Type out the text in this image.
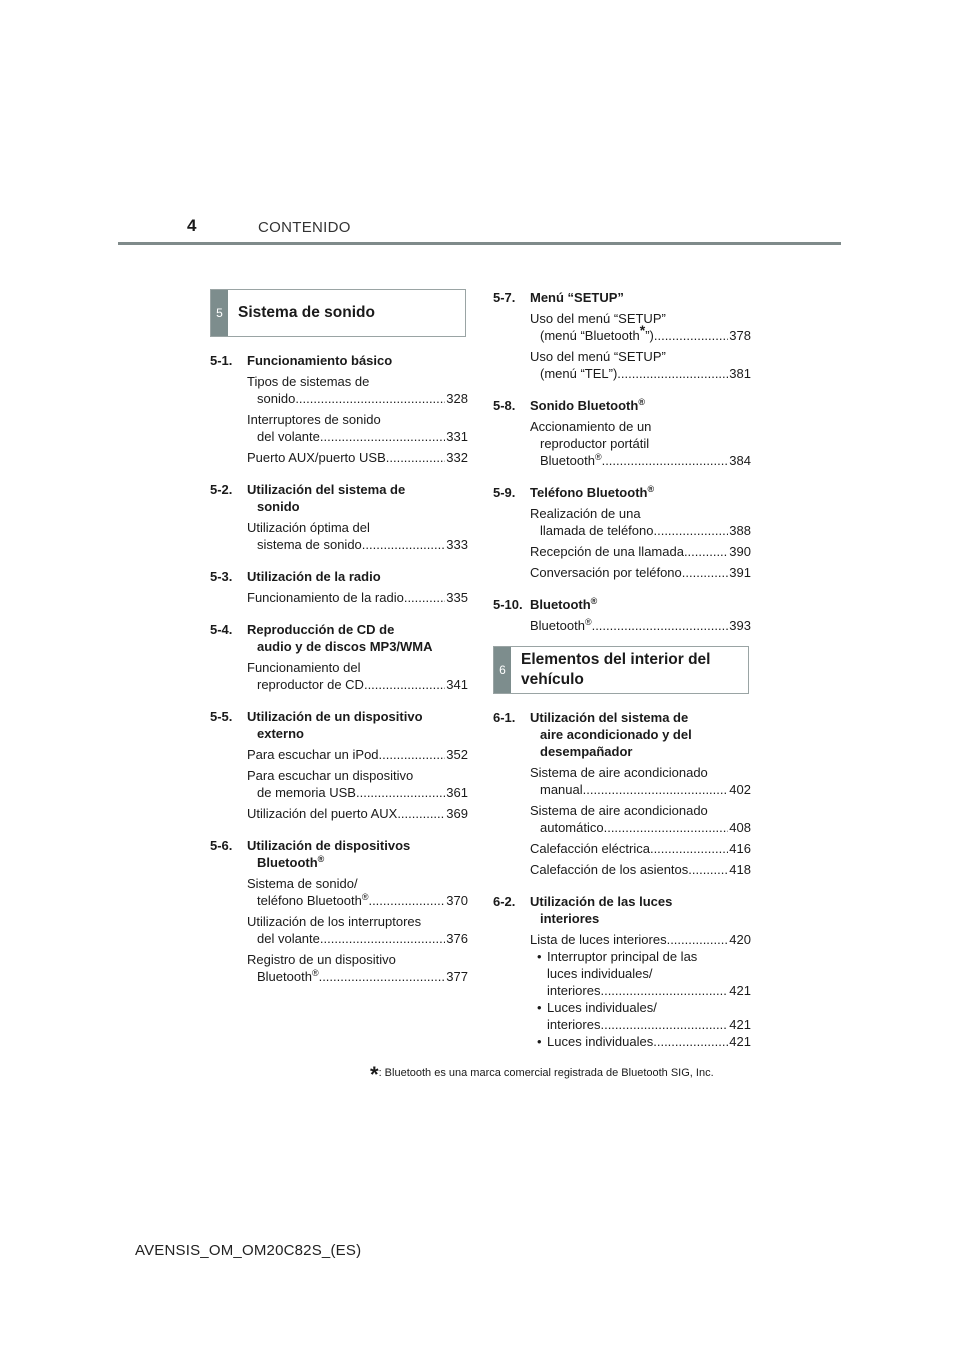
4	CONTENIDO
5 Sistema de sonido
5-1.	Funcionamiento básico
Tipos de sistemas de
sonido .....	328
Interruptores de sonido
del volante .....	331
Puerto AUX/puerto USB .....	332
5-2.	Utilización del sistema de
sonido
Utilización óptima del
sistema de sonido .....	333
5-3.	Utilización de la radio
Funcionamiento de la radio .....	335
5-4.	Reproducción de CD de
audio y de discos MP3/WMA
Funcionamiento del
reproductor de CD .....	341
5-5.	Utilización de un dispositivo
externo
Para escuchar un iPod .....	352
Para escuchar un dispositivo
de memoria USB .....	361
Utilización del puerto AUX .....	369
5-6.	Utilización de dispositivos
Bluetooth®
Sistema de sonido/
teléfono Bluetooth® .....	370
Utilización de los interruptores
del volante .....	376
Registro de un dispositivo
Bluetooth® .....	377
5-7.	Menú “SETUP”
Uso del menú “SETUP”
(menú “Bluetooth*”) .....	378
Uso del menú “SETUP”
(menú “TEL”) .....	381
5-8.	Sonido Bluetooth®
Accionamiento de un
reproductor portátil
Bluetooth® .....	384
5-9.	Teléfono Bluetooth®
Realización de una
llamada de teléfono .....	388
Recepción de una llamada .....	390
Conversación por teléfono .....	391
5-10. Bluetooth®
Bluetooth® .....	393
6
Elementos del interior del
vehículo
6-1.	Utilización del sistema de
aire acondicionado y del
desempañador
Sistema de aire acondicionado
manual .....	402
Sistema de aire acondicionado
automático .....	408
Calefacción eléctrica .....	416
Calefacción de los asientos .....	418
6-2.	Utilización de las luces
interiores
Lista de luces interiores .....	420
• Interruptor principal de las
luces individuales/
interiores .....	421
• Luces individuales/
interiores .....	421
• Luces individuales .....	421
*: Bluetooth es una marca comercial registrada de Bluetooth SIG, Inc.
AVENSIS_OM_OM20C82S_(ES)
